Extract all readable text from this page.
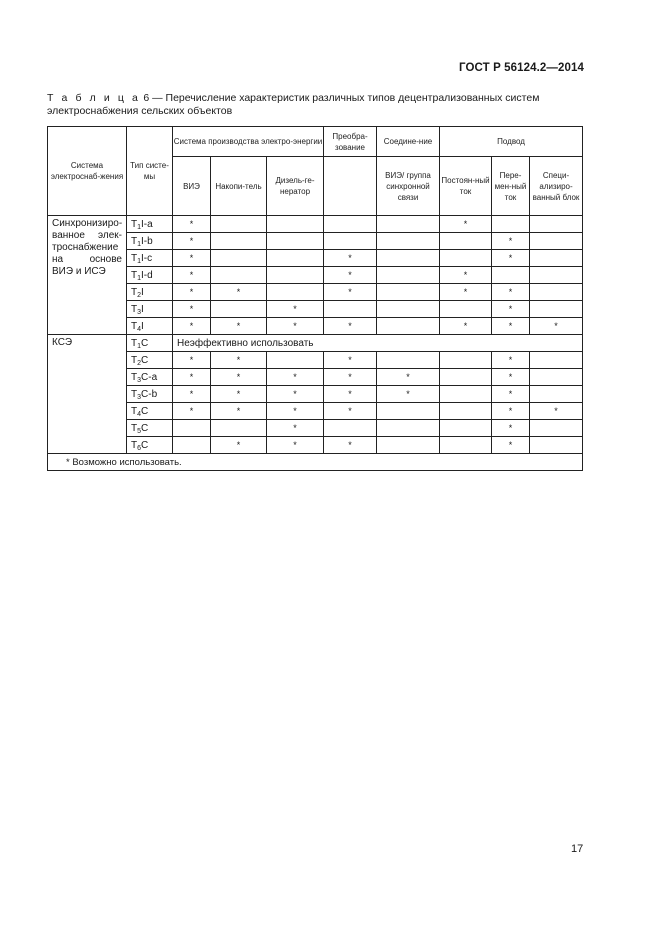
ГОСТ Р 56124.2—2014
Т а б л и ц а 6 — Перечисление характеристик различных типов децентрализованных систем электроснабжения сельских объектов
Система электроснаб-жения	Тип систе-мы	Система производства электро-энергии			Преобра-зование	Соедине-ние	Подвод		
		ВИЭ	Накопи-тель	Дизель-ге-нератор		ВИЭ/ группа синхронной связи	Постоян-ный ток	Пере-мен-ный ток	Специ-ализиро-ванный блок
Синхронизиро-ванное элек-троснабжение на основе ВИЭ и ИСЭ	$T_1I-a$	*					*		
	$T_1I-b$	*						*	
	$T_1I-c$	*			*			*	
	$T_1I-d$	*			*		*		
	$T_2I$	*	*		*		*	*	
	$T_3I$	*		*				*	
	$T_4I$	*	*	*	*		*	*	*
КСЭ	$T_1C$	Неэффективно использовать							
	$T_2C$	*	*		*			*	
	$T_3C-a$	*	*	*	*	*		*	
	$T_3C-b$	*	*	*	*	*		*	
	$T_4C$	*	*	*	*			*	*
	$T_5C$			*				*	
	$T_6C$		*	*	*			*	
* Возможно использовать.									
17
